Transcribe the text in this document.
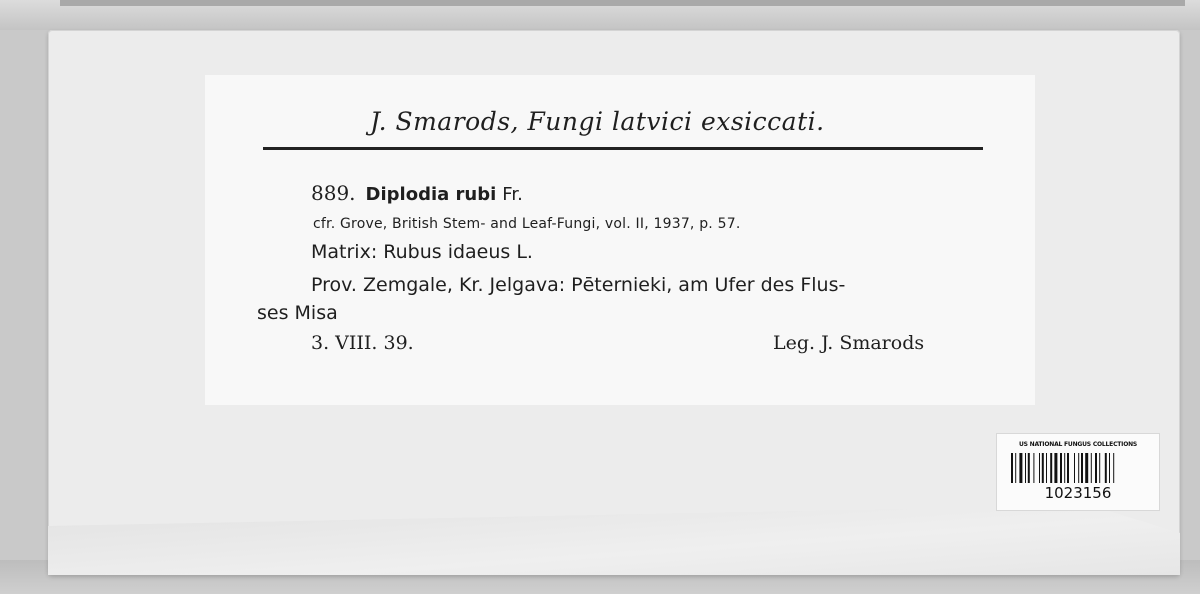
J. Smarods, Fungi latvici exsiccati.
889. Diplodia rubi Fr.
cfr. Grove, British Stem- and Leaf-Fungi, vol. II, 1937, p. 57.
Matrix: Rubus idaeus L.
Prov. Zemgale, Kr. Jelgava: Pēternieki, am Ufer des Flus-
ses Misa
3. VIII. 39.	Leg. J. Smarods
US NATIONAL FUNGUS COLLECTIONS
1023156
